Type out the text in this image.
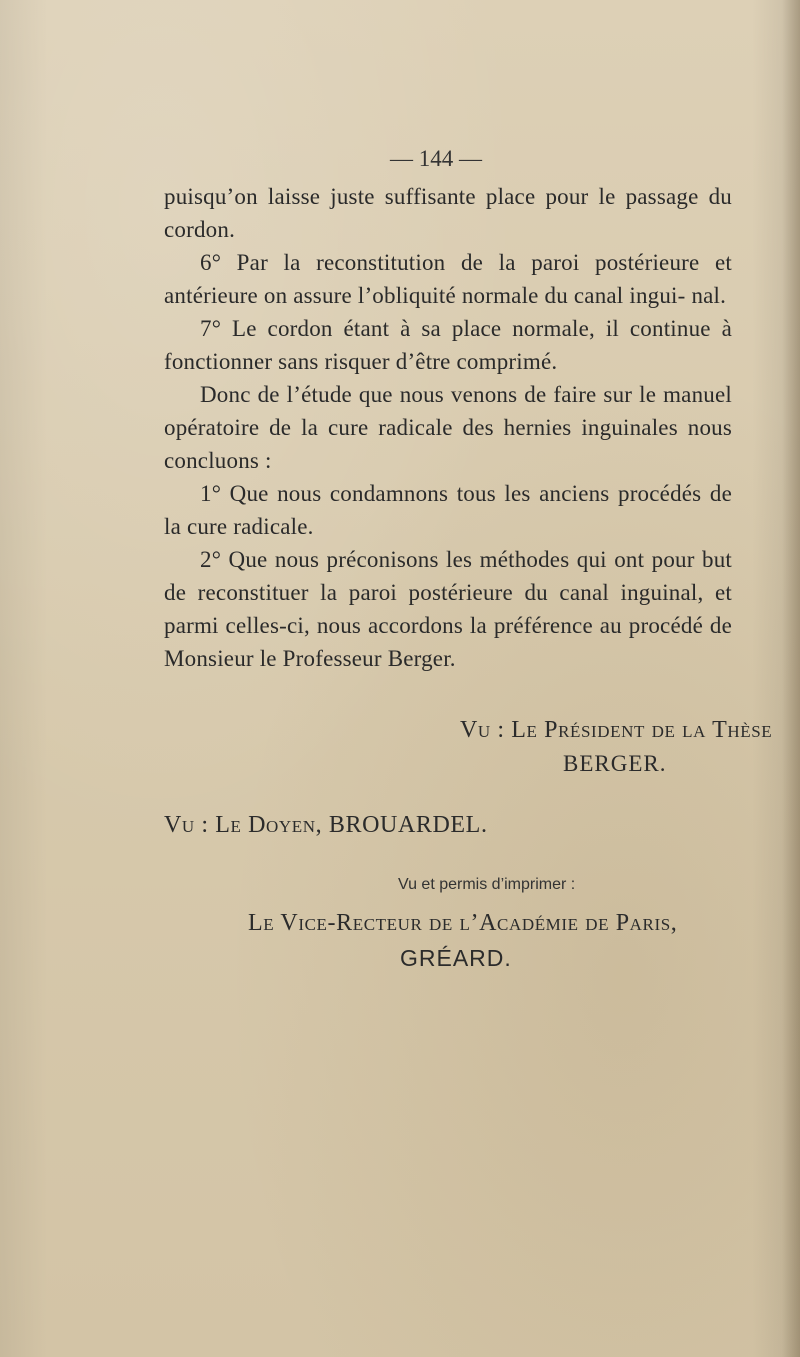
— 144 —

puisqu’on laisse juste suffisante place pour le passage du cordon.

6° Par la reconstitution de la paroi postérieure et antérieure on assure l’obliquité normale du canal ingui- nal.

7° Le cordon étant à sa place normale, il continue à fonctionner sans risquer d’être comprimé.

Donc de l’étude que nous venons de faire sur le manuel opératoire de la cure radicale des hernies inguinales nous concluons :

1° Que nous condamnons tous les anciens procédés de la cure radicale.

2° Que nous préconisons les méthodes qui ont pour but de reconstituer la paroi postérieure du canal inguinal, et parmi celles-ci, nous accordons la préférence au procédé de Monsieur le Professeur Berger.

Vu : Le Président de la Thèse
BERGER.
Vu : Le Doyen, BROUARDEL.
Vu et permis d’imprimer :
Le Vice-Recteur de l’Académie de Paris,
GRÉARD.
